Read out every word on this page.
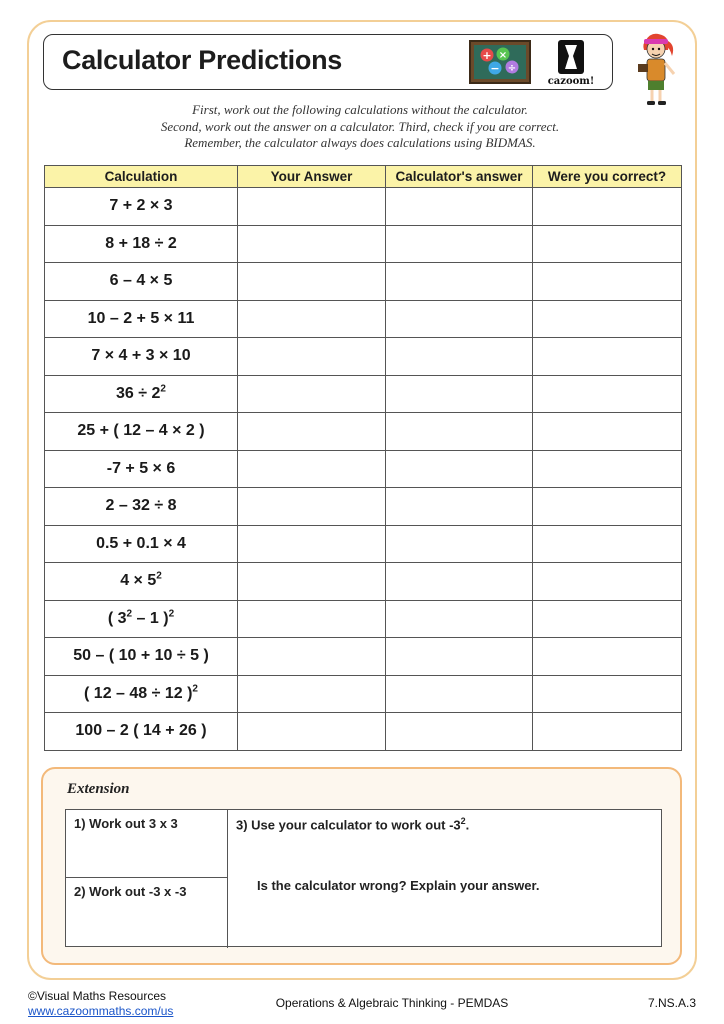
Calculator Predictions	+ ×
− ÷
cazoom!
First, work out the following calculations without the calculator.
Second, work out the answer on a calculator. Third, check if you are correct.
Remember, the calculator always does calculations using BIDMAS.
Calculation	Your Answer	Calculator's answer	Were you correct?
7 + 2 × 3			
8 + 18 ÷ 2			
6 – 4 × 5			
10 – 2 + 5 × 11			
7 × 4 + 3 × 10			
$36 \div 2^2$			
25 + ( 12 – 4 × 2 )			
-7 + 5 × 6			
2 – 32 ÷ 8			
0.5 + 0.1 × 4			
$4 \times 5^2$			
( $3^2 - 1$ )$^2$			
50 – ( 10 + 10 ÷ 5 )			
( 12 – 48 ÷ 12 )$^2$			
100 – 2 ( 14 + 26 )			
Extension
1) Work out 3 x 3
2) Work out -3 x -3
3) Use your calculator to work out $-3^2$.
Is the calculator wrong? Explain your answer.
©Visual Maths Resources
www.cazoommaths.com/us
Operations & Algebraic Thinking - PEMDAS	7.NS.A.3
